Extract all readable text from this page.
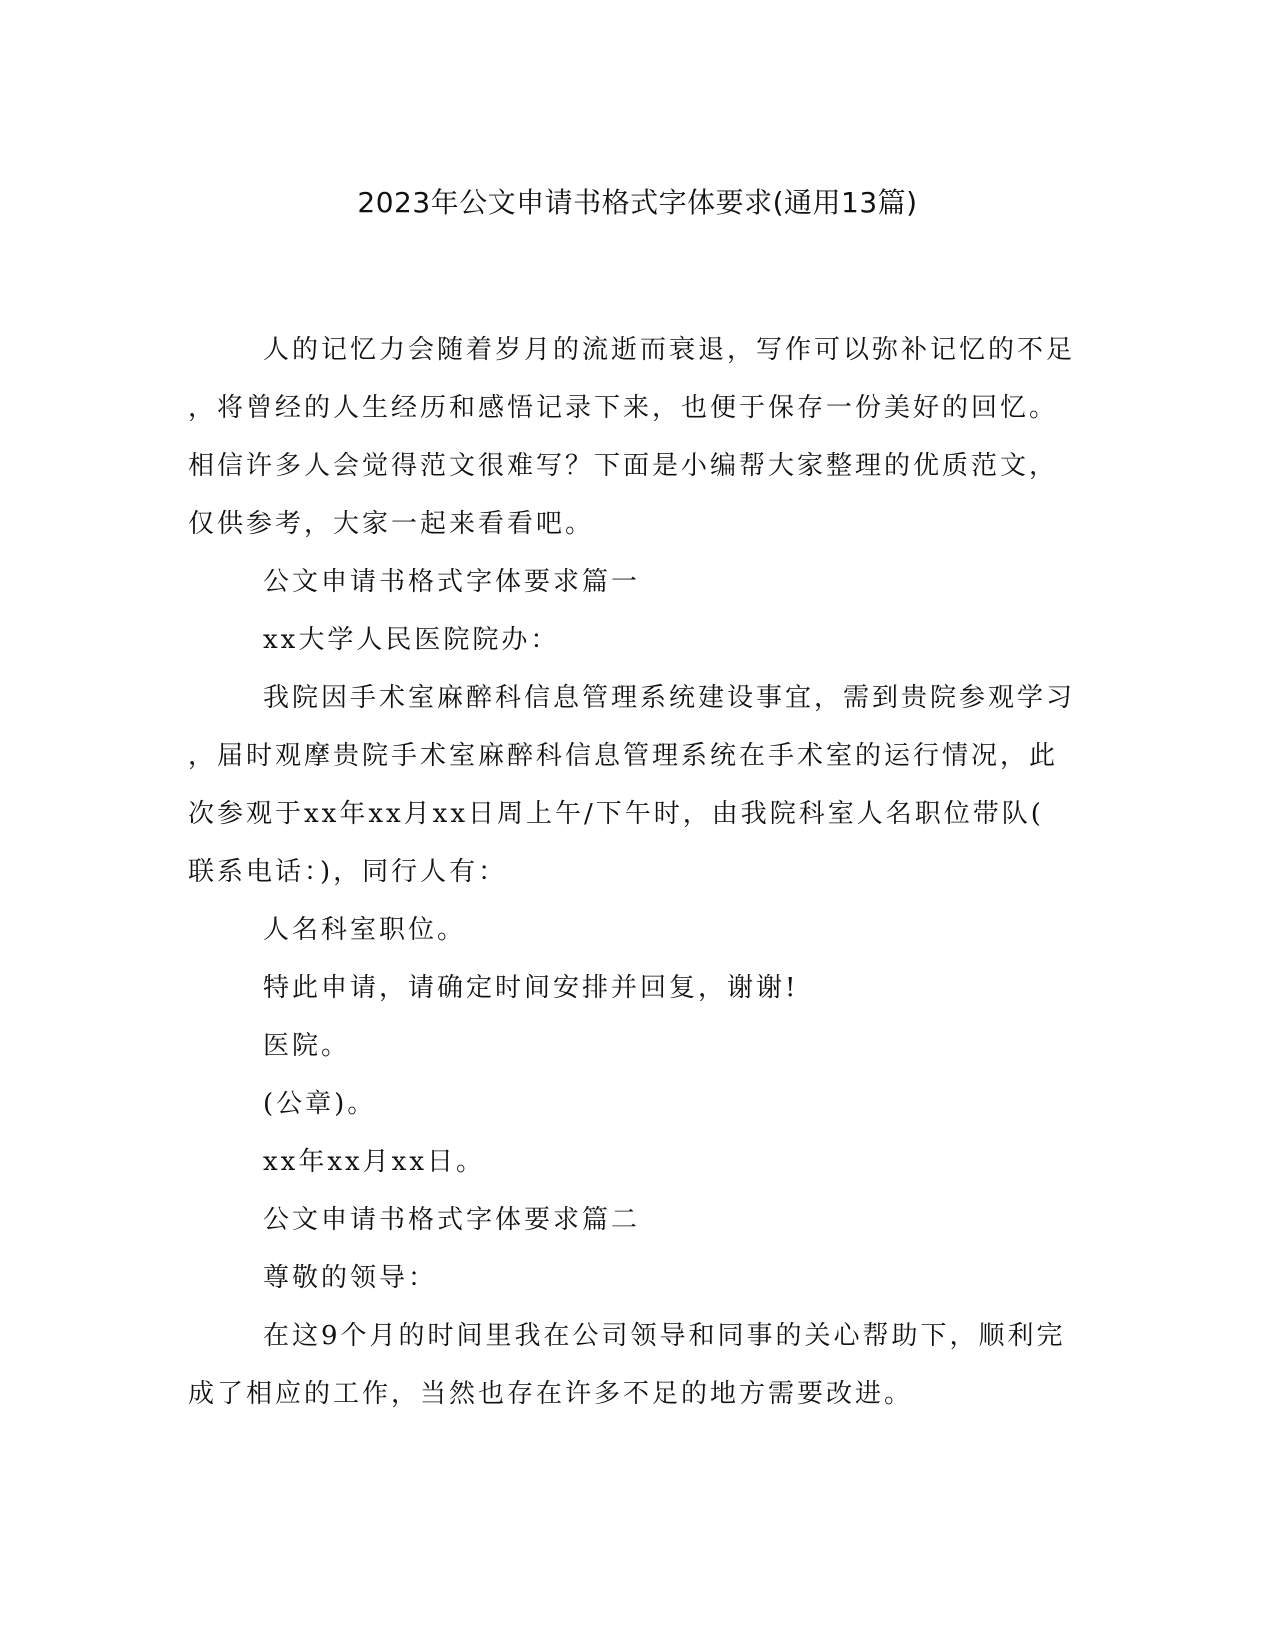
2023年公文申请书格式字体要求(通用13篇)
人的记忆力会随着岁月的流逝而衰退，写作可以弥补记忆的不足
，将曾经的人生经历和感悟记录下来，也便于保存一份美好的回忆。
相信许多人会觉得范文很难写？下面是小编帮大家整理的优质范文，
仅供参考，大家一起来看看吧。
公文申请书格式字体要求篇一
xx大学人民医院院办：
我院因手术室麻醉科信息管理系统建设事宜，需到贵院参观学习
，届时观摩贵院手术室麻醉科信息管理系统在手术室的运行情况，此
次参观于xx年xx月xx日周上午/下午时，由我院科室人名职位带队(
联系电话：)，同行人有：
人名科室职位。
特此申请，请确定时间安排并回复，谢谢!
医院。
(公章)。
xx年xx月xx日。
公文申请书格式字体要求篇二
尊敬的领导：
在这9个月的时间里我在公司领导和同事的关心帮助下，顺利完
成了相应的工作，当然也存在许多不足的地方需要改进。
